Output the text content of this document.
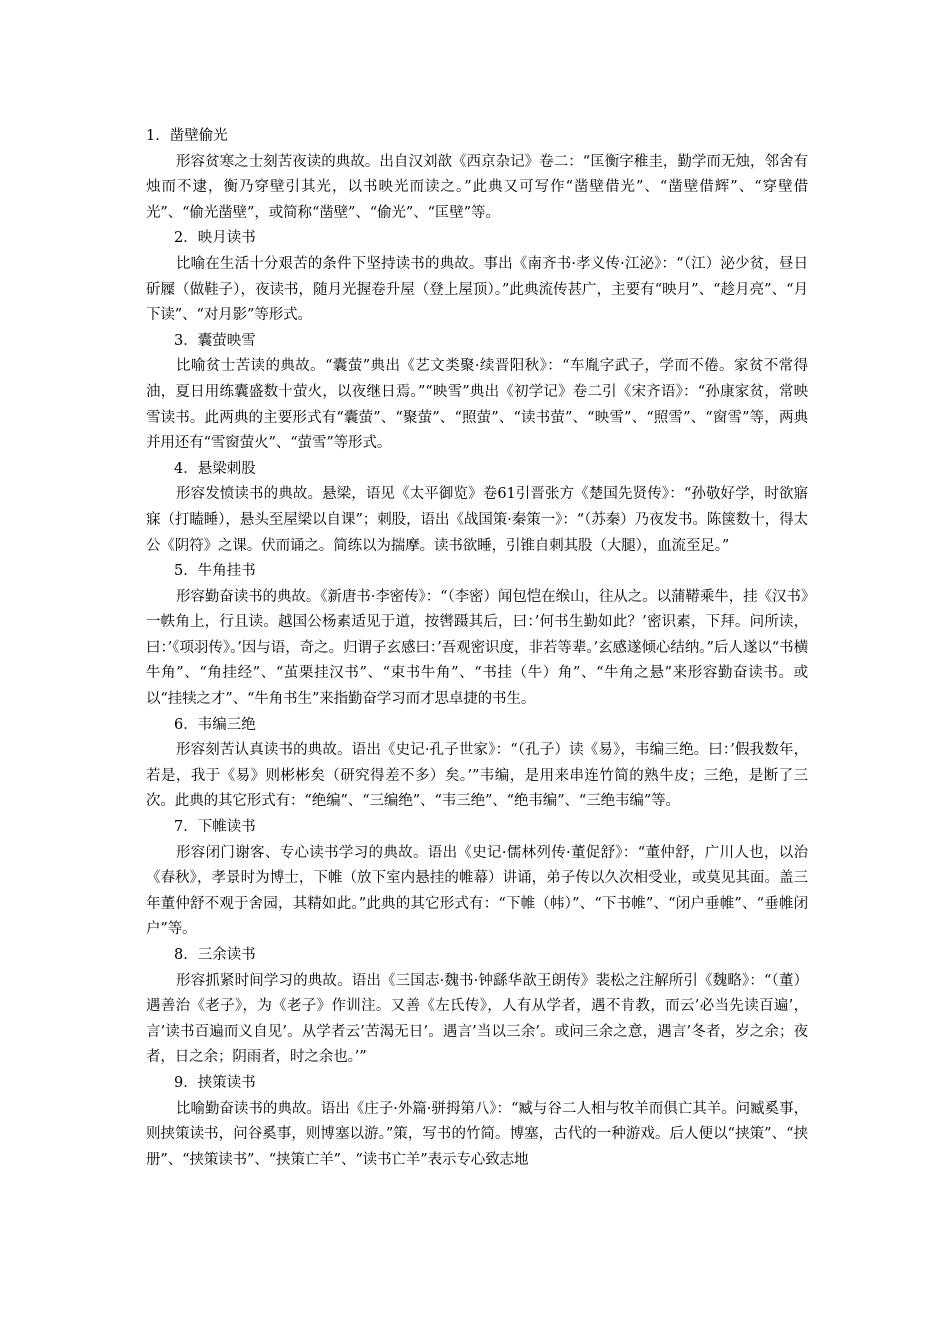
1．凿壁偷光

形容贫寒之士刻苦夜读的典故。出自汉刘歆《西京杂记》卷二：“匡衡字稚圭，勤学而无烛，邻舍有烛而不逮，衡乃穿壁引其光，以书映光而读之。”此典又可写作“凿壁借光”、“凿壁借辉”、“穿壁借光”、“偷光凿壁”，或简称“凿壁”、“偷光”、“匡壁”等。

2．映月读书

比喻在生活十分艰苦的条件下坚持读书的典故。事出《南齐书·孝义传·江泌》：“（江）泌少贫，昼日斫屧（做鞋子），夜读书，随月光握卷升屋（登上屋顶）。”此典流传甚广，主要有“映月”、“趁月亮”、“月下读”、“对月影”等形式。

3．囊萤映雪

比喻贫士苦读的典故。“囊萤”典出《艺文类聚·续晋阳秋》：“车胤字武子，学而不倦。家贫不常得油，夏日用练囊盛数十萤火，以夜继日焉。”“映雪”典出《初学记》卷二引《宋齐语》：“孙康家贫，常映雪读书。此两典的主要形式有“囊萤”、“聚萤”、“照萤”、“读书萤”、“映雪”、“照雪”、“窗雪”等，两典并用还有“雪窗萤火”、“萤雪”等形式。

4．悬梁刺股

形容发愤读书的典故。悬梁，语见《太平御览》卷61引晋张方《楚国先贤传》：“孙敬好学，时欲寤寐（打瞌睡），悬头至屋梁以自课”；刺股，语出《战国策·秦策一》：“（苏秦）乃夜发书。陈箧数十，得太公《阴符》之课。伏而诵之。简练以为揣摩。读书欲睡，引锥自刺其股（大腿），血流至足。”

5．牛角挂书

形容勤奋读书的典故。《新唐书·李密传》：“（李密）闻包恺在缑山，往从之。以蒲鞯乘牛，挂《汉书》一帙角上，行且读。越国公杨素适见于道，按辔蹑其后，曰：’何书生勤如此？’密识素，下拜。问所读，曰：’《项羽传》。’因与语，奇之。归谓子玄感曰：’吾观密识度，非若等辈。’玄感遂倾心结纳。”后人遂以“书横牛角”、“角挂经”、“茧栗挂汉书”、“束书牛角”、“书挂（牛）角”、“牛角之悬”来形容勤奋读书。或以“挂犊之才”、“牛角书生”来指勤奋学习而才思卓捷的书生。

6．韦编三绝

形容刻苦认真读书的典故。语出《史记·孔子世家》：“（孔子）读《易》，韦编三绝。曰：’假我数年，若是，我于《易》则彬彬矣（研究得差不多）矣。’”韦编，是用来串连竹简的熟牛皮；三绝，是断了三次。此典的其它形式有：“绝编”、“三编绝”、“韦三绝”、“绝韦编”、“三绝韦编”等。

7．下帷读书

形容闭门谢客、专心读书学习的典故。语出《史记·儒林列传·董促舒》：“董仲舒，广川人也，以治《春秋》，孝景时为博士，下帷（放下室内悬挂的帷幕）讲诵，弟子传以久次相受业，或莫见其面。盖三年董仲舒不观于舍园，其精如此。”此典的其它形式有：“下帷（帏）”、“下书帷”、“闭户垂帷”、“垂帷闭户”等。

8．三余读书

形容抓紧时间学习的典故。语出《三国志·魏书·钟繇华歆王朗传》裴松之注解所引《魏略》：“（董）遇善治《老子》，为《老子》作训注。又善《左氏传》，人有从学者，遇不肯教，而云’必当先读百遍’，言’读书百遍而义自见’。从学者云’苦渴无日’。遇言’当以三余’。或问三余之意，遇言’冬者，岁之余；夜者，日之余；阴雨者，时之余也。’”

9．挟策读书

比喻勤奋读书的典故。语出《庄子·外篇·骈拇第八》：“臧与谷二人相与牧羊而俱亡其羊。问臧奚事，则挟策读书，问谷奚事，则博塞以游。”策，写书的竹简。博塞，古代的一种游戏。后人便以“挟策”、“挟册”、“挟策读书”、“挟策亡羊”、“读书亡羊”表示专心致志地
